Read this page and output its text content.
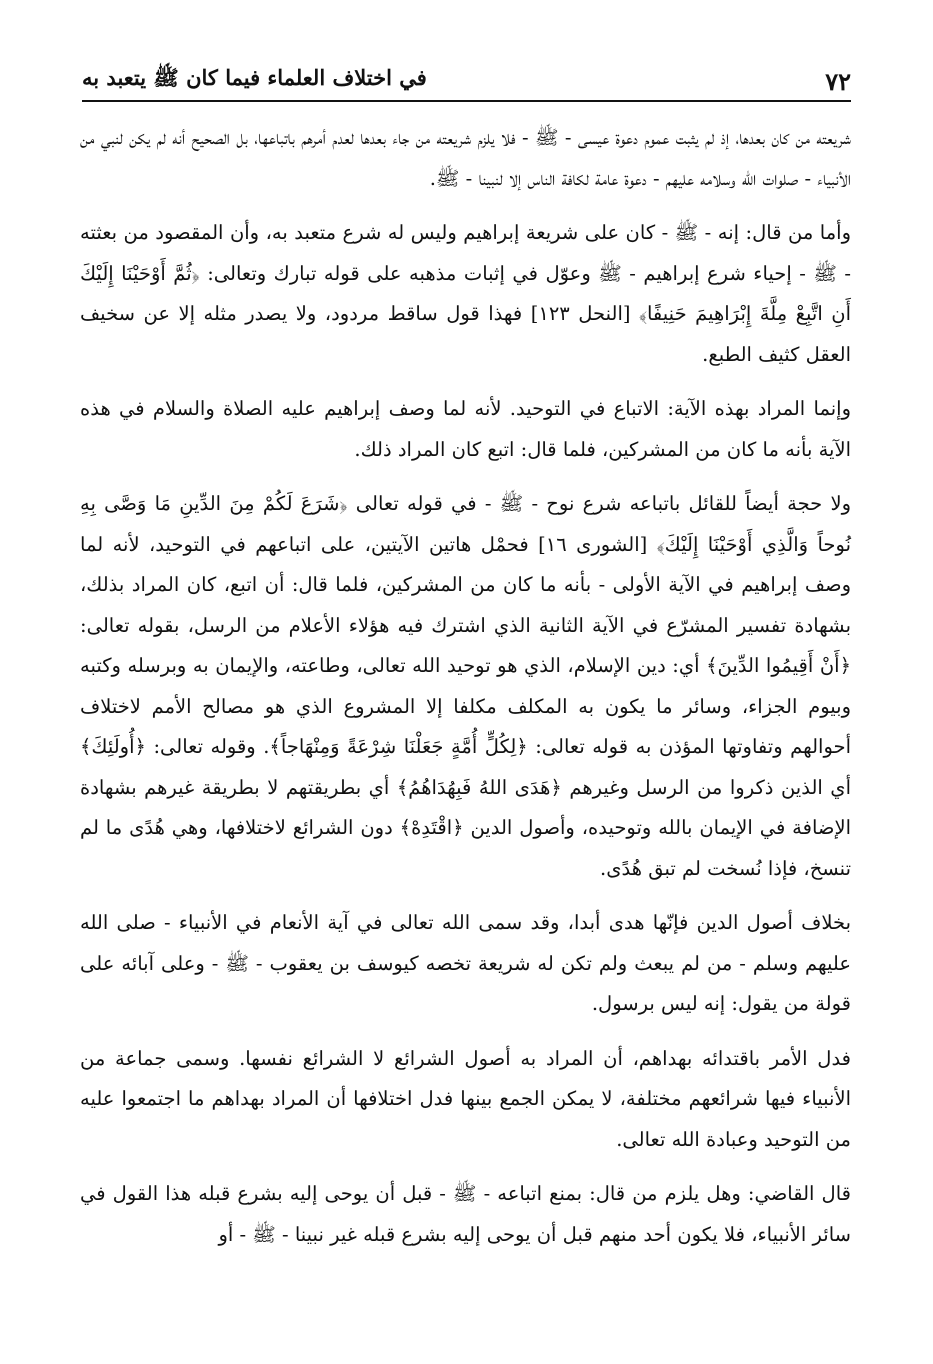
٧٢
في اختلاف العلماء فيما كان ﷺ يتعبد به

شريعته من كان بعدها، إذ لم يثبت عموم دعوة عيسى - ﷺ - فلا يلزم شريعته من جاء بعدها لعدم أمرهم باتباعها، بل الصحيح أنه لم يكن لنبي من الأنبياء - صلوات الله وسلامه عليهم - دعوة عامة لكافة الناس إلا لنبينا - ﷺ.

وأما من قال: إنه - ﷺ - كان على شريعة إبراهيم وليس له شرع متعبد به، وأن المقصود من بعثته - ﷺ - إحياء شرع إبراهيم - ﷺ وعوّل في إثبات مذهبه على قوله تبارك وتعالى: ﴿ثُمَّ أَوْحَيْنَا إِلَيْكَ أَنِ اتَّبِعْ مِلَّةَ إِبْرَاهِيمَ حَنِيفًا﴾ [النحل ١٢٣] فهذا قول ساقط مردود، ولا يصدر مثله إلا عن سخيف العقل كثيف الطبع.

وإنما المراد بهذه الآية: الاتباع في التوحيد. لأنه لما وصف إبراهيم عليه الصلاة والسلام في هذه الآية بأنه ما كان من المشركين، فلما قال: اتبع كان المراد ذلك.

ولا حجة أيضاً للقائل باتباعه شرع نوح - ﷺ - في قوله تعالى ﴿شَرَعَ لَكُمْ مِنَ الدِّينِ مَا وَصَّى بِهِ نُوحاً وَالَّذِي أَوْحَيْنَا إِلَيْكَ﴾ [الشورى ١٦] فحمْل هاتين الآيتين، على اتباعهم في التوحيد، لأنه لما وصف إبراهيم في الآية الأولى - بأنه ما كان من المشركين، فلما قال: أن اتبع، كان المراد بذلك، بشهادة تفسير المشرّع في الآية الثانية الذي اشترك فيه هؤلاء الأعلام من الرسل، بقوله تعالى: ﴿أَنْ أَقِيمُوا الدِّينَ﴾ أي: دين الإسلام، الذي هو توحيد الله تعالى، وطاعته، والإيمان به وبرسله وكتبه وبيوم الجزاء، وسائر ما يكون به المكلف مكلفا إلا المشروع الذي هو مصالح الأمم لاختلاف أحوالهم وتفاوتها المؤذن به قوله تعالى: ﴿لِكُلٍّ أُمَّةٍ جَعَلْنَا شِرْعَةً وَمِنْهَاجاً﴾. وقوله تعالى: ﴿أُولَئِكَ﴾ أي الذين ذكروا من الرسل وغيرهم ﴿هَدَى اللهُ فَبِهُدَاهُمُ﴾ أي بطريقتهم لا بطريقة غيرهم بشهادة الإضافة في الإيمان بالله وتوحيده، وأصول الدين ﴿اقْتَدِهْ﴾ دون الشرائع لاختلافها، وهي هُدًى ما لم تنسخ، فإذا نُسخت لم تبق هُدًى.

بخلاف أصول الدين فإنّها هدى أبدا، وقد سمى الله تعالى في آية الأنعام في الأنبياء - صلى الله عليهم وسلم - من لم يبعث ولم تكن له شريعة تخصه كيوسف بن يعقوب - ﷺ - وعلى آبائه على قولة من يقول: إنه ليس برسول.

فدل الأمر باقتدائه بهداهم، أن المراد به أصول الشرائع لا الشرائع نفسها. وسمى جماعة من الأنبياء فيها شرائعهم مختلفة، لا يمكن الجمع بينها فدل اختلافها أن المراد بهداهم ما اجتمعوا عليه من التوحيد وعبادة الله تعالى.

قال القاضي: وهل يلزم من قال: بمنع اتباعه - ﷺ - قبل أن يوحى إليه بشرع قبله هذا القول في سائر الأنبياء، فلا يكون أحد منهم قبل أن يوحى إليه بشرع قبله غير نبينا - ﷺ - أو
